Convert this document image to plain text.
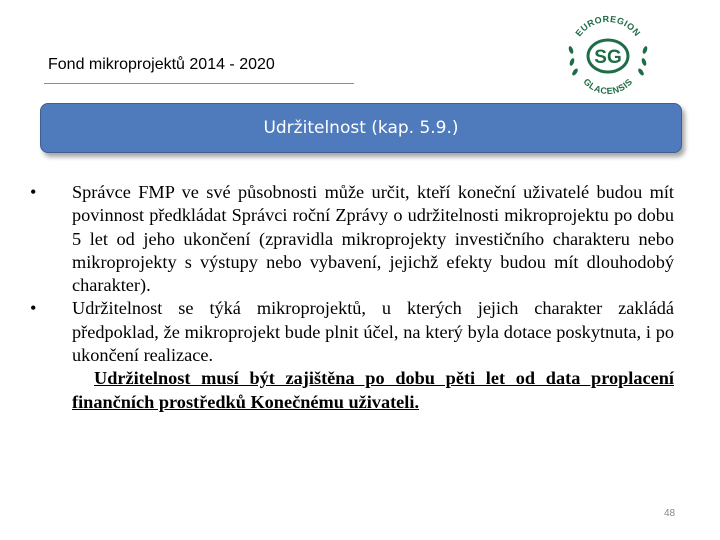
Fond mikroprojektů 2014 - 2020
EUROREGION
GLACENSIS
SG
Udržitelnost (kap. 5.9.)
• Správce FMP ve své působnosti může určit, kteří koneční uživatelé budou mít povinnost předkládat Správci roční Zprávy o udržitelnosti mikroprojektu po dobu 5 let od jeho ukončení (zpravidla mikroprojekty investičního charakteru nebo mikroprojekty s výstupy nebo vybavení, jejichž efekty budou mít dlouhodobý charakter).
• Udržitelnost se týká mikroprojektů, u kterých jejich charakter zakládá předpoklad, že mikroprojekt bude plnit účel, na který byla dotace poskytnuta, i po ukončení realizace.
Udržitelnost musí být zajištěna po dobu pěti let od data proplacení finančních prostředků Konečnému uživateli.
48
